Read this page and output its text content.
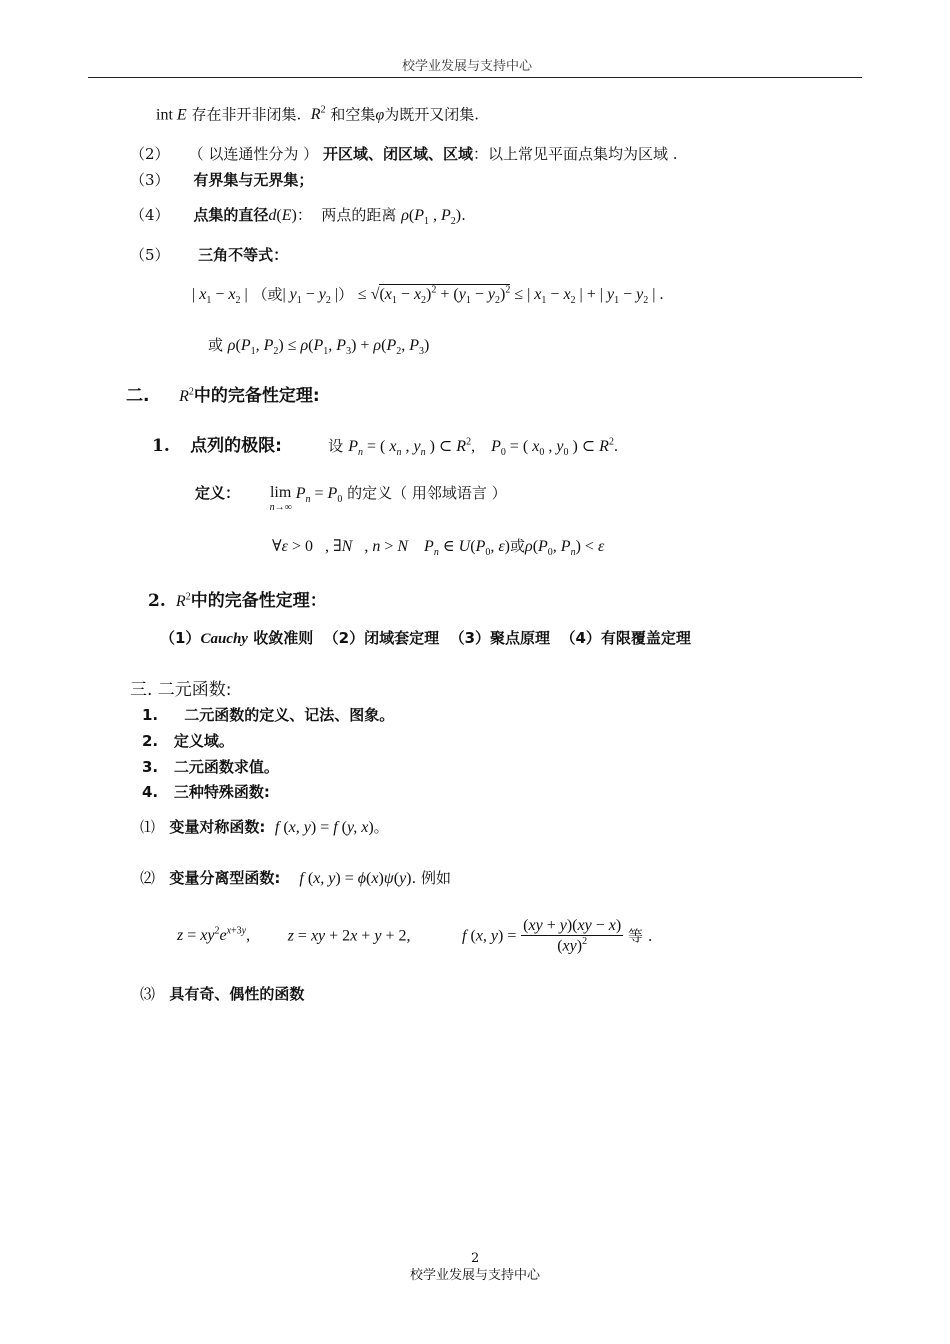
校学业发展与支持中心
int E 存在非开非闭集. $R^2$ 和空集φ为既开又闭集.
（2） （ 以连通性分为 ） 开区域、闭区域、区域：以上常见平面点集均为区域 .
（3） 有界集与无界集；
（4） 点集的直径d(E)：  两点的距离 $\rho(P_1$ , $P_2$).
（5） 三角不等式：
| $x_1 - x_2$ | （或| $y_1 - y_2$ |） ≤ $√(x_1 - x_2)^2 + (y_1 - y_2)^2$ ≤ | $x_1 - x_2$ | + | $y_1 - y_2$ | .
或 $\rho(P_1$, $P_2) \le \rho(P_1$, $P_3) + \rho(P_2$, $P_3$)
二. $R^2$中的完备性定理:
1. 点列的极限:	设 $P_n$ = ( $x_n$ , $y_n$ ) ⊂ $R^2$,    $P_0$ = ( $x_0$ , $y_0$ ) ⊂ $R^2$.
定义： lim
n→∞
$P_n = P_0$ 的定义（ 用邻域语言 ）
∀ε > 0   , ∃N   , n > N    $P_n$ ∈ $U(P_0$, ε)或$\rho(P_0$, $P_n) < \varepsilon$
2. $R^2$中的完备性定理：
（1）Cauchy 收敛准则 （2）闭域套定理 （3）聚点原理 （4）有限覆盖定理
三. 二元函数:
1. 二元函数的定义、记法、图象。
2. 定义域。
3. 二元函数求值。
4. 三种特殊函数:
⑴ 变量对称函数: f (x, y) = f (y, x)。
⑵ 变量分离型函数: f (x, y) = ϕ(x)ψ(y). 例如
$z = xy^2e^{x+3y}$, z = xy + 2x + y + 2,	f (x, $y) = \frac{(xy + y)(xy - x)}{(xy)^2}$ 等 .
⑶ 具有奇、偶性的函数
2
校学业发展与支持中心
